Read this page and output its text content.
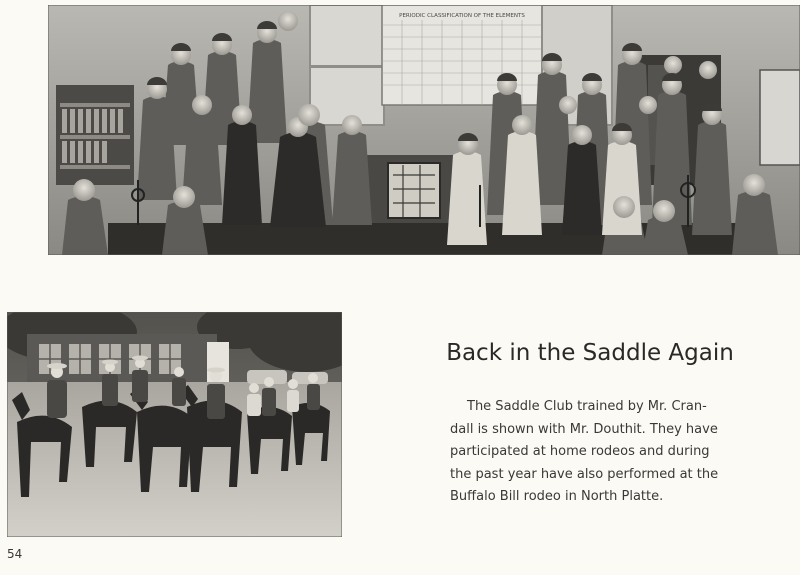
PERIODIC CLASSIFICATION OF THE ELEMENTS
Back in the Saddle Again
The Saddle Club trained by Mr. Cran-
dall is shown with Mr. Douthit. They have
participated at home rodeos and during
the past year have also performed at the
Buffalo Bill rodeo in North Platte.
54
